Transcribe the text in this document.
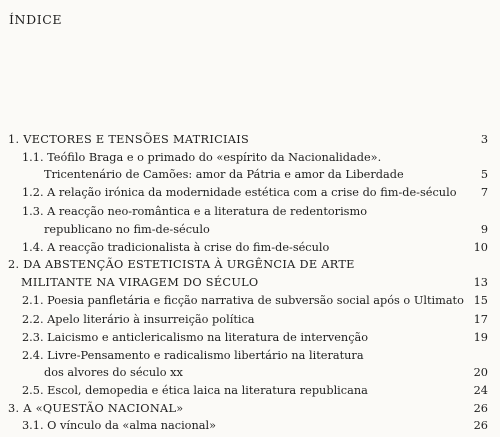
ÍNDICE
1. VECTORES E TENSÕES MATRICIAIS	3
1.1. Teófilo Braga e o primado do «espírito da Nacionalidade».
Tricentenário de Camões: amor da Pátria e amor da Liberdade	5
1.2. A relação irónica da modernidade estética com a crise do fim-de-século 7
1.3. A reacção neo-romântica e a literatura de redentorismo
republicano no fim-de-século	9
1.4. A reacção tradicionalista à crise do fim-de-século	10
2. DA ABSTENÇÃO ESTETICISTA À URGÊNCIA DE ARTE
MILITANTE NA VIRAGEM DO SÉCULO	13
2.1. Poesia panfletária e ficção narrativa de subversão social após o Ultimato 15
2.2. Apelo literário à insurreição política	17
2.3. Laicismo e anticlericalismo na literatura de intervenção	19
2.4. Livre-Pensamento e radicalismo libertário na literatura
dos alvores do século xx	20
2.5. Escol, demopedia e ética laica na literatura republicana	24
3. A «QUESTÃO NACIONAL»	26
3.1. O vínculo da «alma nacional»	26
